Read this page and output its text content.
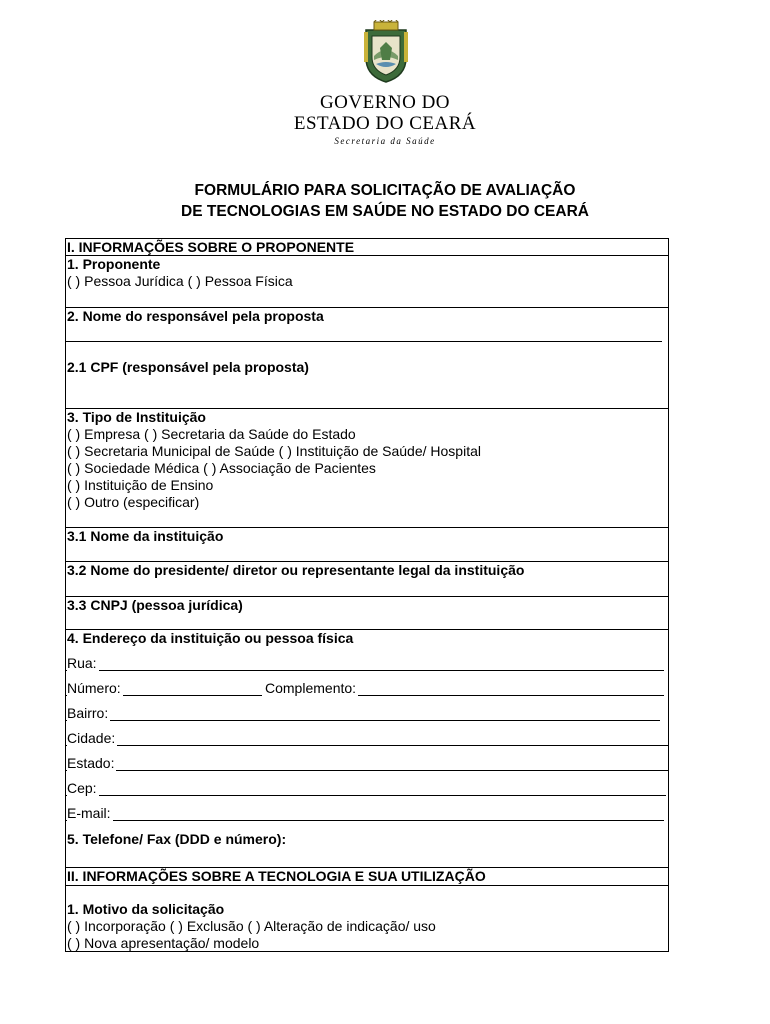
GOVERNO DO
ESTADO DO CEARÁ
Secretaria da Saúde
FORMULÁRIO PARA SOLICITAÇÃO DE AVALIAÇÃO
DE TECNOLOGIAS EM SAÚDE NO ESTADO DO CEARÁ
I. INFORMAÇÕES SOBRE O PROPONENTE
1. Proponente
( ) Pessoa Jurídica ( ) Pessoa Física
2. Nome do responsável pela proposta
2.1 CPF (responsável pela proposta)
3. Tipo de Instituição
( ) Empresa ( ) Secretaria da Saúde do Estado
( ) Secretaria Municipal de Saúde ( ) Instituição de Saúde/ Hospital
( ) Sociedade Médica ( ) Associação de Pacientes
( ) Instituição de Ensino
( ) Outro (especificar)
3.1 Nome da instituição
3.2 Nome do presidente/ diretor ou representante legal da instituição
3.3 CNPJ (pessoa jurídica)
4. Endereço da instituição ou pessoa física
Rua:
Número:	Complemento:
Bairro:
Cidade:
Estado:
Cep:
E-mail:
5. Telefone/ Fax (DDD e número):
II. INFORMAÇÕES SOBRE A TECNOLOGIA E SUA UTILIZAÇÃO
1. Motivo da solicitação
( ) Incorporação ( ) Exclusão ( ) Alteração de indicação/ uso
( ) Nova apresentação/ modelo
